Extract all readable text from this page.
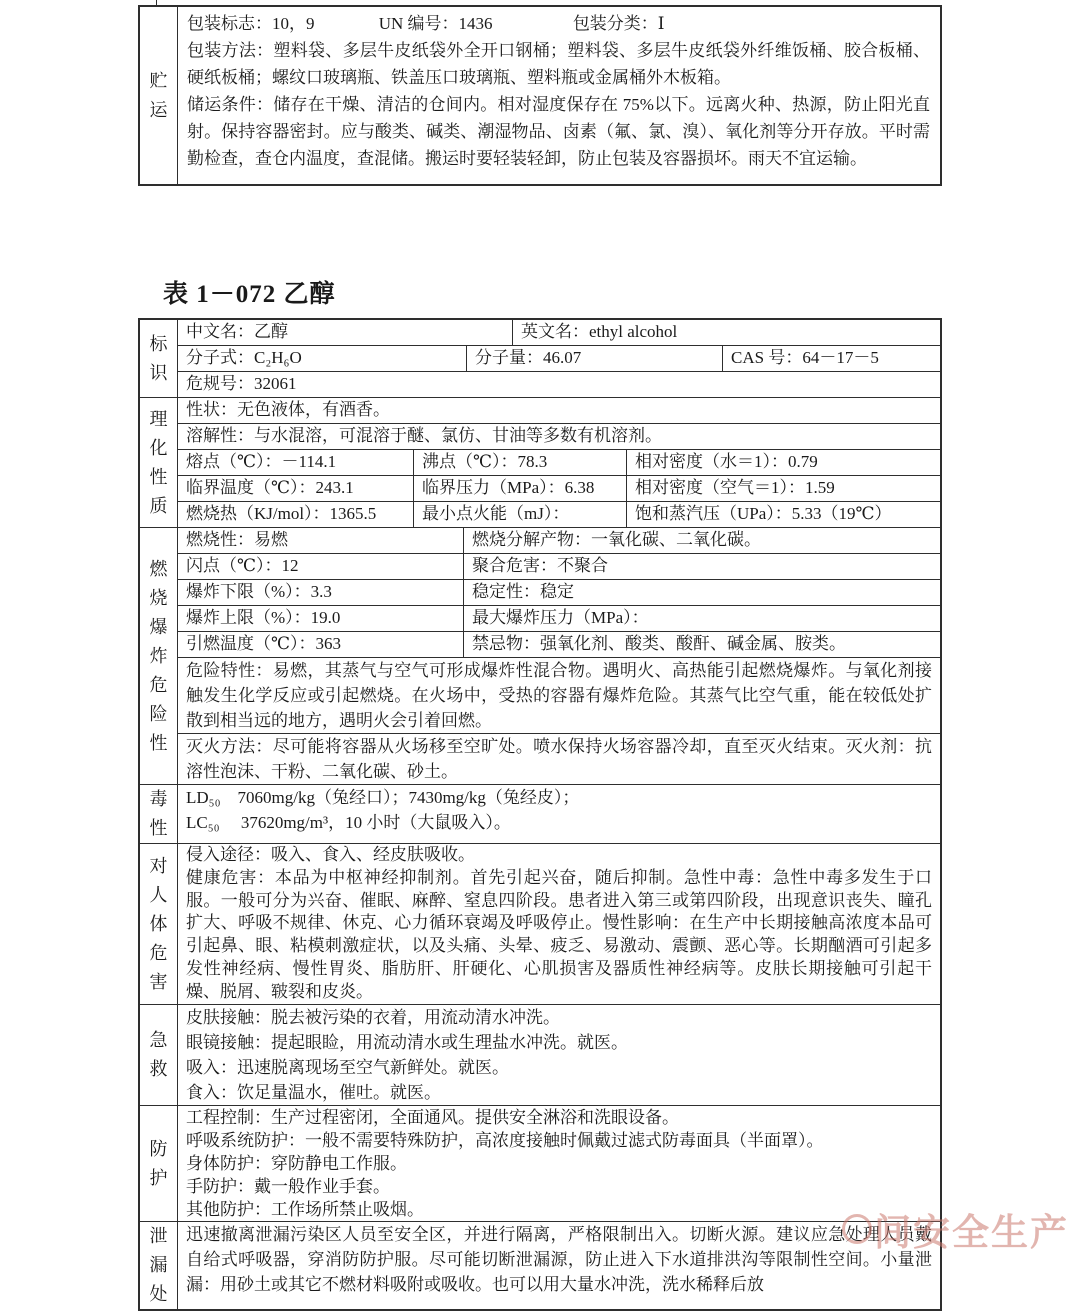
贮运
包装标志：10，9	UN 编号：1436	包装分类：Ⅰ
包装方法：塑料袋、多层牛皮纸袋外全开口钢桶；塑料袋、多层牛皮纸袋外纤维饭桶、胶合板桶、硬纸板桶；螺纹口玻璃瓶、铁盖压口玻璃瓶、塑料瓶或金属桶外木板箱。
储运条件：储存在干燥、清洁的仓间内。相对湿度保存在 75%以下。远离火种、热源，防止阳光直射。保持容器密封。应与酸类、碱类、潮湿物品、卤素（氟、氯、溴）、氧化剂等分开存放。平时需勤检查，查仓内温度，查混储。搬运时要轻装轻卸，防止包装及容器损坏。雨天不宜运输。
表 1－072 乙醇
标识
中文名：乙醇	英文名：ethyl alcohol
分子式：C₂H₆O	分子量：46.07	CAS 号：64－17－5
危规号：32061
理化性质
性状：无色液体，有酒香。
溶解性：与水混溶，可混溶于醚、氯仿、甘油等多数有机溶剂。
熔点（℃）：－114.1	沸点（℃）：78.3	相对密度（水＝1）：0.79
临界温度（℃）：243.1	临界压力（MPa）：6.38	相对密度（空气＝1）：1.59
燃烧热（KJ/mol）：1365.5	最小点火能（mJ）：	饱和蒸汽压（UPa）：5.33（19℃）
燃烧爆炸危险性
燃烧性：易燃	燃烧分解产物：一氧化碳、二氧化碳。
闪点（℃）：12	聚合危害：不聚合
爆炸下限（%）：3.3	稳定性：稳定
爆炸上限（%）：19.0	最大爆炸压力（MPa）：
引燃温度（℃）：363	禁忌物：强氧化剂、酸类、酸酐、碱金属、胺类。
危险特性：易燃，其蒸气与空气可形成爆炸性混合物。遇明火、高热能引起燃烧爆炸。与氧化剂接触发生化学反应或引起燃烧。在火场中，受热的容器有爆炸危险。其蒸气比空气重，能在较低处扩散到相当远的地方，遇明火会引着回燃。
灭火方法：尽可能将容器从火场移至空旷处。喷水保持火场容器冷却，直至灭火结束。灭火剂：抗溶性泡沫、干粉、二氧化碳、砂土。
毒性
LD₅₀　7060mg/kg（兔经口）；7430mg/kg（兔经皮）；
LC₅₀　 37620mg/m³，10 小时（大鼠吸入）。
对人体危害
侵入途径：吸入、食入、经皮肤吸收。
健康危害：本品为中枢神经抑制剂。首先引起兴奋，随后抑制。急性中毒：急性中毒多发生于口服。一般可分为兴奋、催眠、麻醉、窒息四阶段。患者进入第三或第四阶段，出现意识丧失、瞳孔扩大、呼吸不规律、休克、心力循环衰竭及呼吸停止。慢性影响：在生产中长期接触高浓度本品可引起鼻、眼、粘模刺激症状，以及头痛、头晕、疲乏、易激动、震颤、恶心等。长期酗酒可引起多发性神经病、慢性胃炎、脂肪肝、肝硬化、心肌损害及器质性神经病等。皮肤长期接触可引起干燥、脱屑、皲裂和皮炎。
急救
皮肤接触：脱去被污染的衣着，用流动清水冲洗。
眼镜接触：提起眼睑，用流动清水或生理盐水冲洗。就医。
吸入：迅速脱离现场至空气新鲜处。就医。
食入：饮足量温水，催吐。就医。
防护
工程控制：生产过程密闭，全面通风。提供安全淋浴和洗眼设备。
呼吸系统防护：一般不需要特殊防护，高浓度接触时佩戴过滤式防毒面具（半面罩）。
身体防护：穿防静电工作服。
手防护：戴一般作业手套。
其他防护：工作场所禁止吸烟。
泄漏处
迅速撤离泄漏污染区人员至安全区，并进行隔离，严格限制出入。切断火源。建议应急处理人员戴自给式呼吸器，穿消防防护服。尽可能切断泄漏源，防止进入下水道排洪沟等限制性空间。小量泄漏：用砂土或其它不燃材料吸附或吸收。也可以用大量水冲洗，洗水稀释后放
间安全生产
